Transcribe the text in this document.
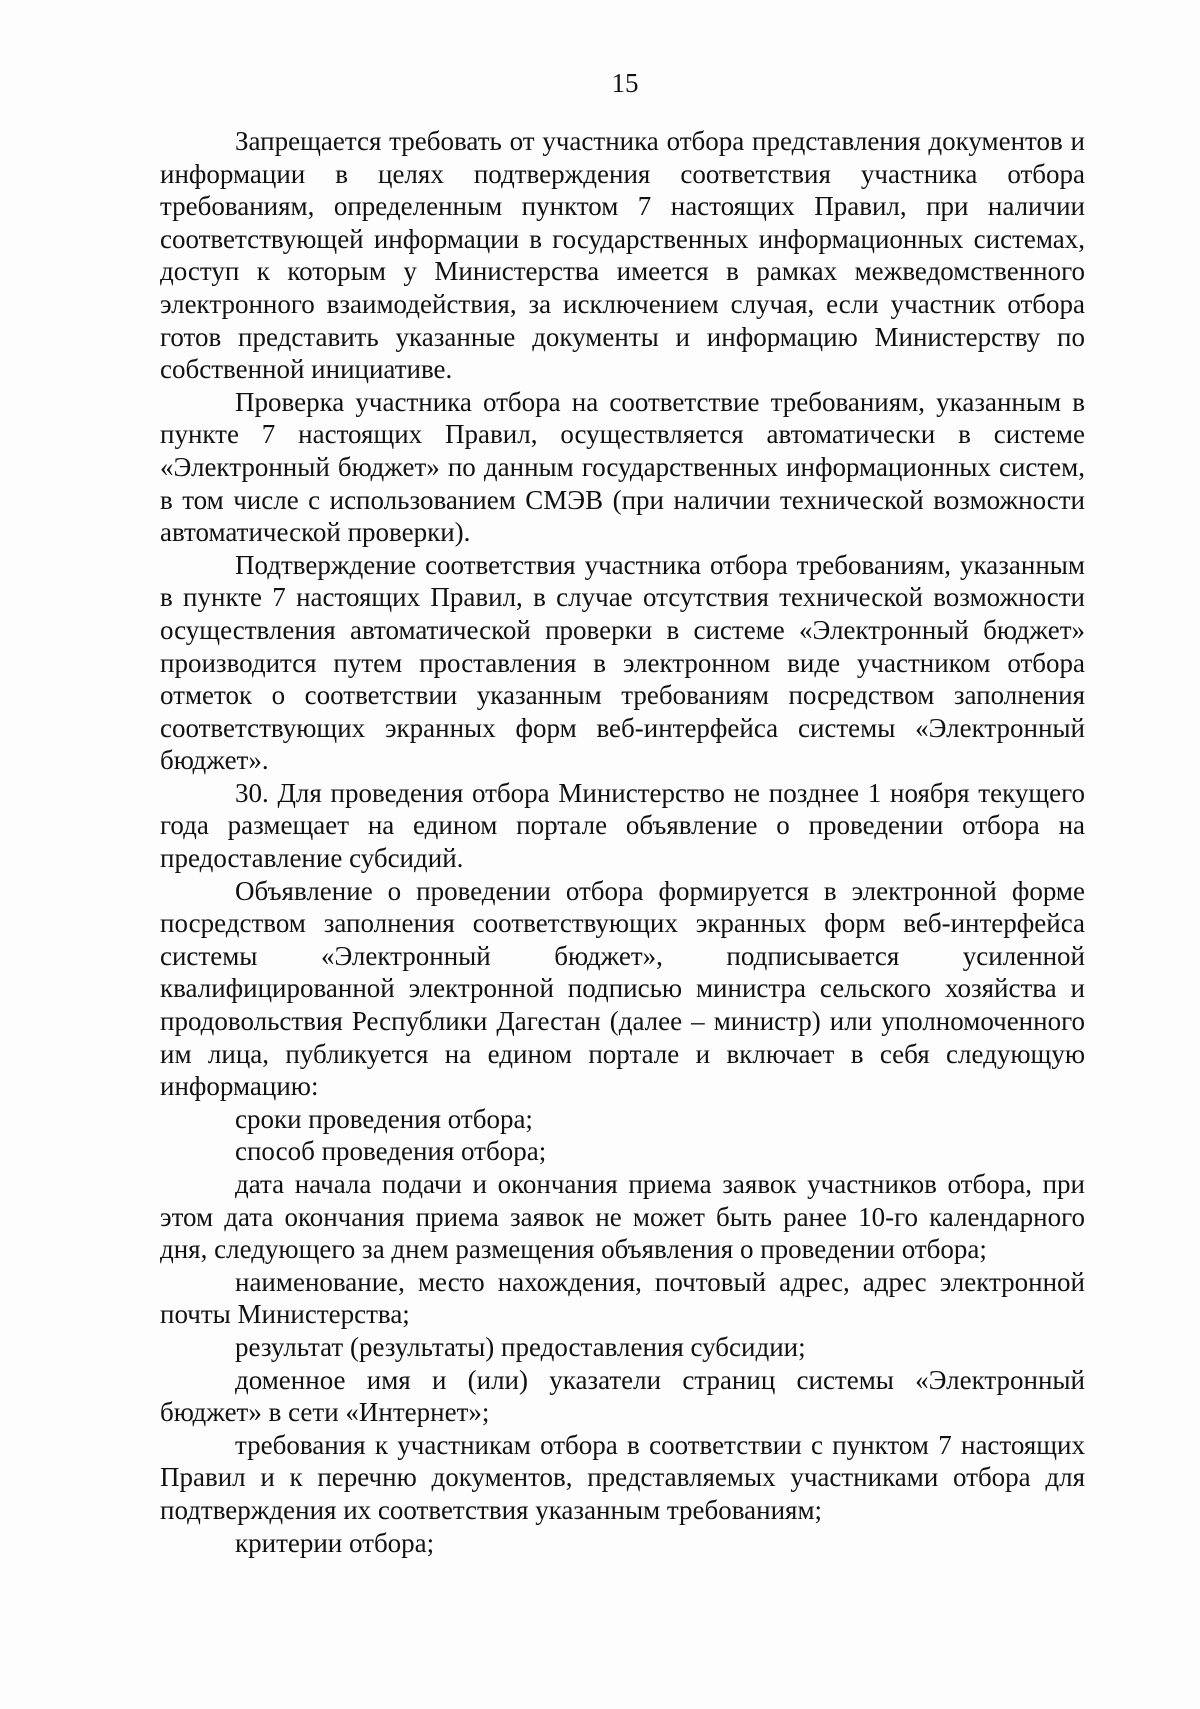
15

Запрещается требовать от участника отбора представления документов и информации в целях подтверждения соответствия участника отбора требованиям, определенным пунктом 7 настоящих Правил, при наличии соответствующей информации в государственных информационных системах, доступ к которым у Министерства имеется в рамках межведомственного электронного взаимодействия, за исключением случая, если участник отбора готов представить указанные документы и информацию Министерству по собственной инициативе.

Проверка участника отбора на соответствие требованиям, указанным в пункте 7 настоящих Правил, осуществляется автоматически в системе «Электронный бюджет» по данным государственных информационных систем, в том числе с использованием СМЭВ (при наличии технической возможности автоматической проверки).

Подтверждение соответствия участника отбора требованиям, указанным в пункте 7 настоящих Правил, в случае отсутствия технической возможности осуществления автоматической проверки в системе «Электронный бюджет» производится путем проставления в электронном виде участником отбора отметок о соответствии указанным требованиям посредством заполнения соответствующих экранных форм веб-интерфейса системы «Электронный бюджет».

30. Для проведения отбора Министерство не позднее 1 ноября текущего года размещает на едином портале объявление о проведении отбора на предоставление субсидий.

Объявление о проведении отбора формируется в электронной форме посредством заполнения соответствующих экранных форм веб-интерфейса системы «Электронный бюджет», подписывается усиленной квалифицированной электронной подписью министра сельского хозяйства и продовольствия Республики Дагестан (далее – министр) или уполномоченного им лица, публикуется на едином портале и включает в себя следующую информацию:

сроки проведения отбора;

способ проведения отбора;

дата начала подачи и окончания приема заявок участников отбора, при этом дата окончания приема заявок не может быть ранее 10-го календарного дня, следующего за днем размещения объявления о проведении отбора;

наименование, место нахождения, почтовый адрес, адрес электронной почты Министерства;

результат (результаты) предоставления субсидии;

доменное имя и (или) указатели страниц системы «Электронный бюджет» в сети «Интернет»;

требования к участникам отбора в соответствии с пунктом 7 настоящих Правил и к перечню документов, представляемых участниками отбора для подтверждения их соответствия указанным требованиям;

критерии отбора;
